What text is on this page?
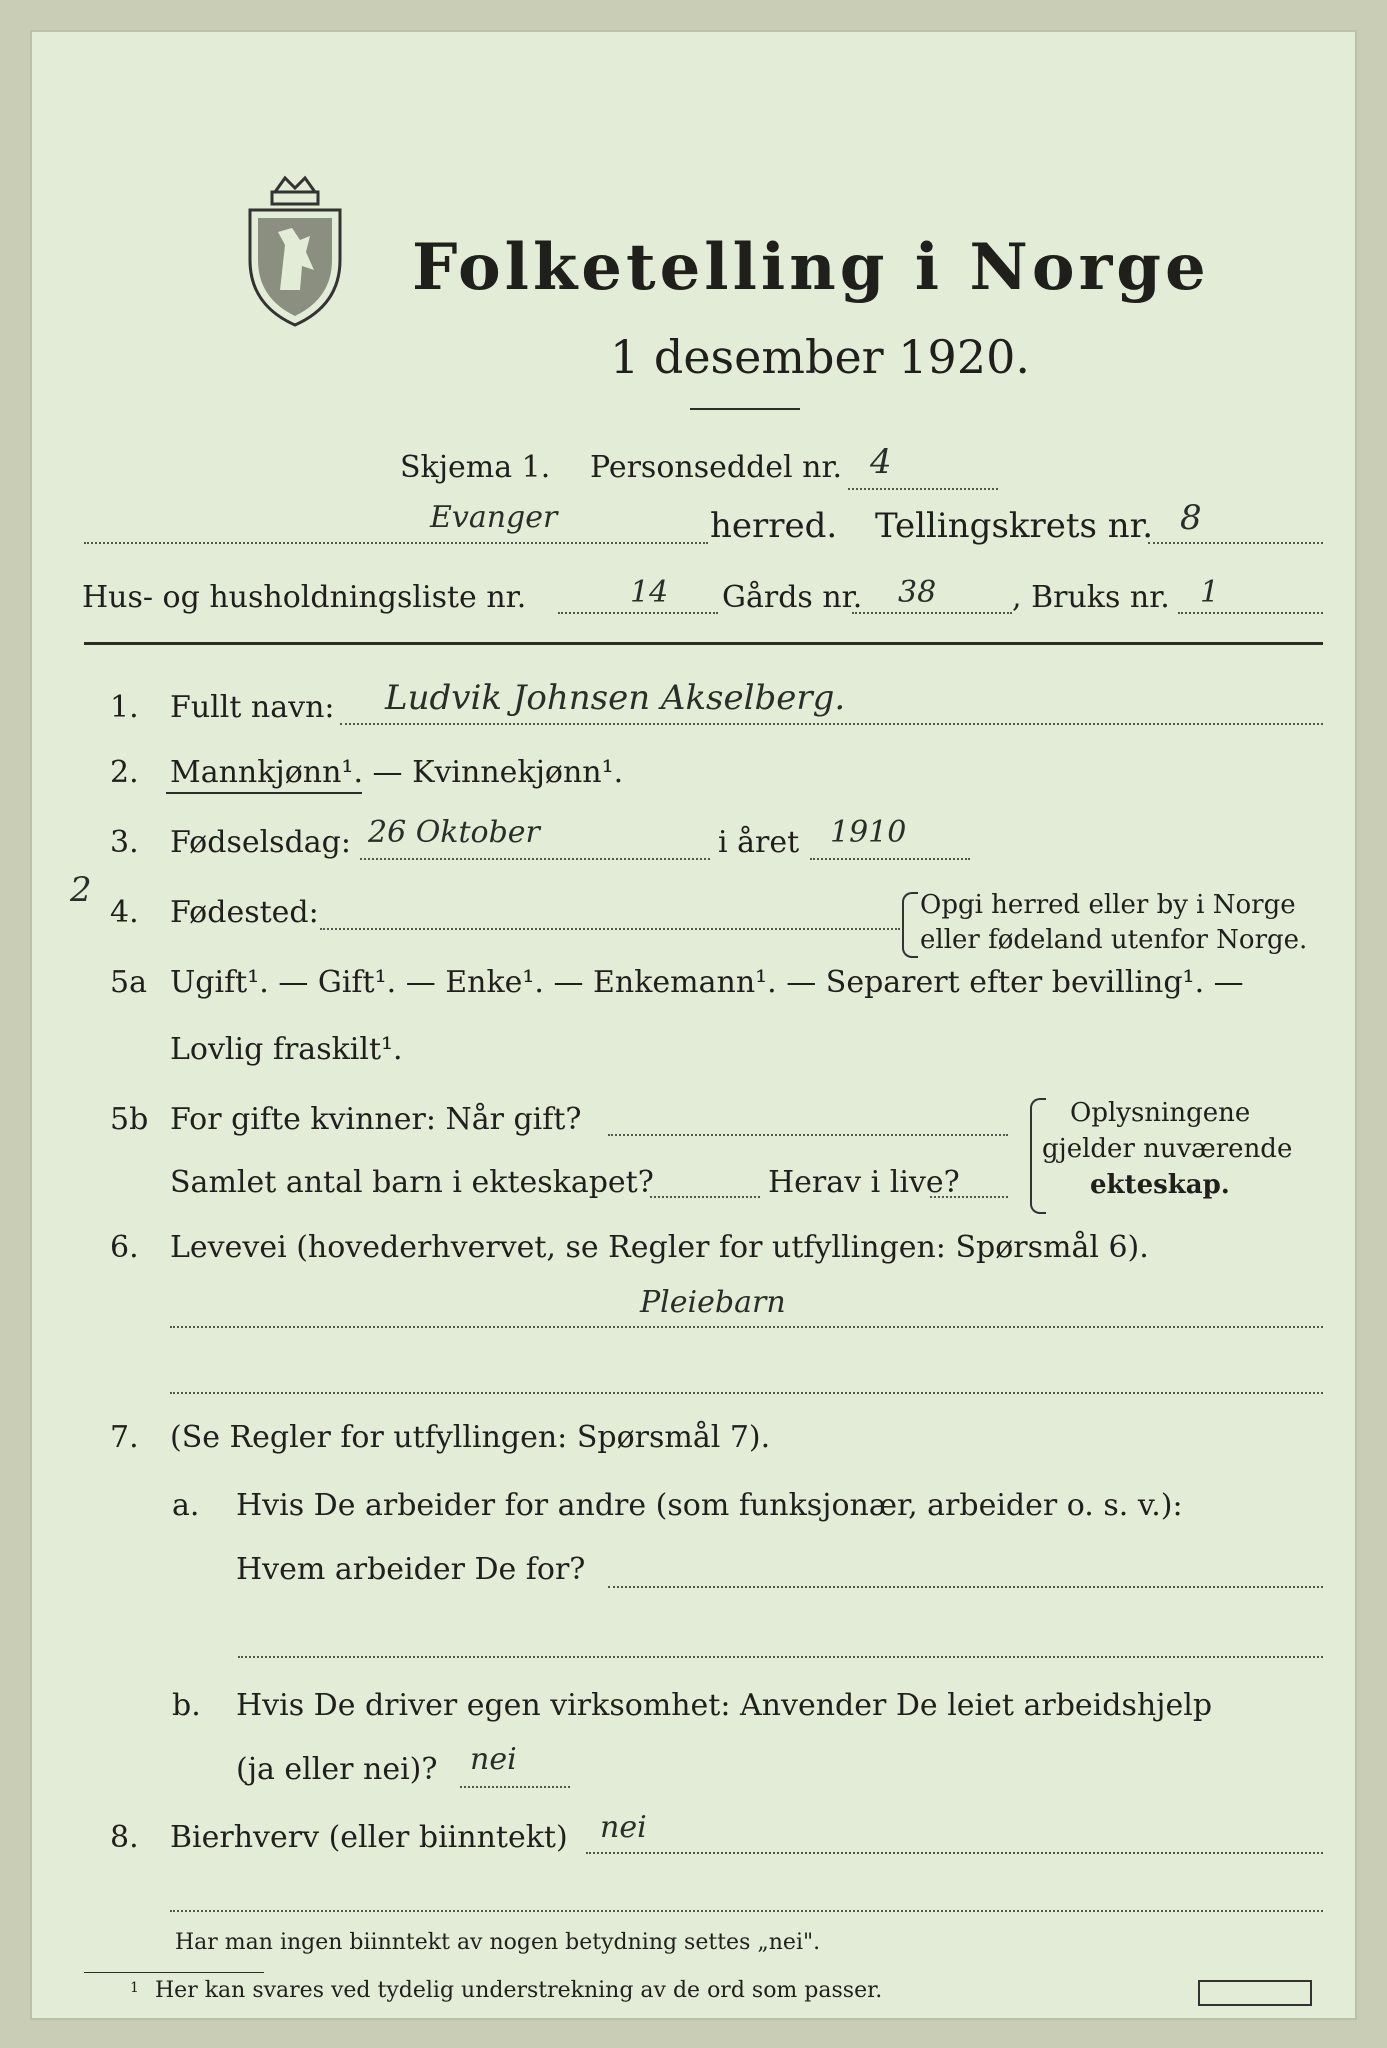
Folketelling i Norge
1 desember 1920.
Skjema 1. Personseddel nr. 4
Evanger	herred. Tellingskrets nr. 8
Hus- og husholdningsliste nr.	14 Gårds nr. 38	, Bruks nr. 1
1. Fullt navn: Ludvik Johnsen Akselberg.
2. Mannkjønn¹. — Kvinnekjønn¹.
3. Fødselsdag: 26 Oktober	i året 1910
2
4. Fødested:	Opgi herred eller by i Norge
eller fødeland utenfor Norge.
5a Ugift¹. — Gift¹. — Enke¹. — Enkemann¹. — Separert efter bevilling¹. —
Lovlig fraskilt¹.
5b For gifte kvinner: Når gift?
Samlet antal barn i ekteskapet?	Herav i live?
Oplysningene
gjelder nuværende
ekteskap.
6. Levevei (hovederhvervet, se Regler for utfyllingen: Spørsmål 6).
Pleiebarn
7. (Se Regler for utfyllingen: Spørsmål 7).
a. Hvis De arbeider for andre (som funksjonær, arbeider o. s. v.):
Hvem arbeider De for?
b. Hvis De driver egen virksomhet: Anvender De leiet arbeidshjelp
(ja eller nei)? nei
8. Bierhverv (eller biinntekt) nei
Har man ingen biinntekt av nogen betydning settes „nei".
1 Her kan svares ved tydelig understrekning av de ord som passer.
